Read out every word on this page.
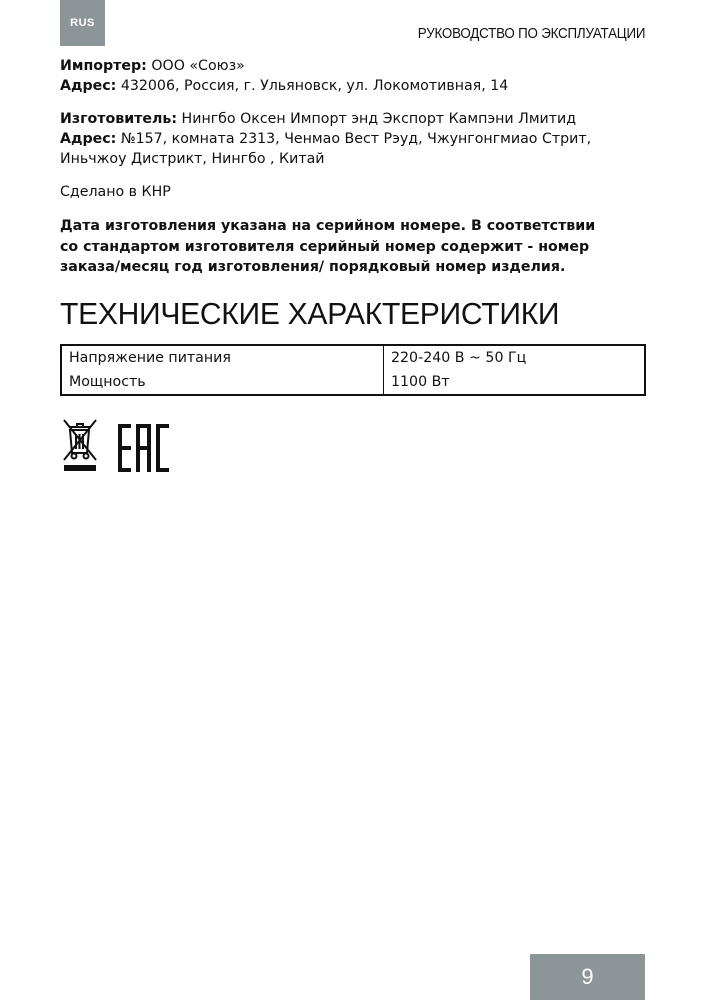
RUS
РУКОВОДСТВО ПО ЭКСПЛУАТАЦИИ
Импортер: ООО «Союз»
Адрес: 432006, Россия, г. Ульяновск, ул. Локомотивная, 14
Изготовитель: Нингбо Оксен Импорт энд Экспорт Кампэни Лмитид
Адрес: №157, комната 2313, Ченмао Вест Рэуд, Чжунгонгмиао Стрит,
Иньчжоу Дистрикт, Нингбо , Китай
Сделано в КНР
Дата изготовления указана на серийном номере. В соответствии
со стандартом изготовителя серийный номер содержит - номер
заказа/месяц год изготовления/ порядковый номер изделия.
ТЕХНИЧЕСКИЕ ХАРАКТЕРИСТИКИ
Напряжение питания	220-240 В ~ 50 Гц
Мощность	1100 Вт
9
